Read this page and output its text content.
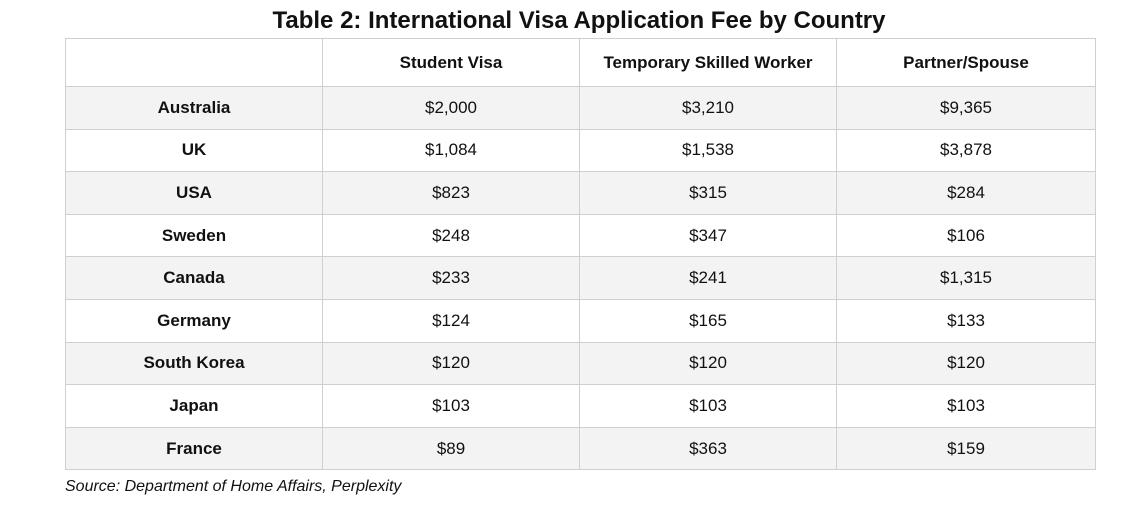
Table 2: International Visa Application Fee by Country
	Student Visa	Temporary Skilled Worker	Partner/Spouse
Australia	$2,000	$3,210	$9,365
UK	$1,084	$1,538	$3,878
USA	$823	$315	$284
Sweden	$248	$347	$106
Canada	$233	$241	$1,315
Germany	$124	$165	$133
South Korea	$120	$120	$120
Japan	$103	$103	$103
France	$89	$363	$159
Source: Department of Home Affairs, Perplexity
